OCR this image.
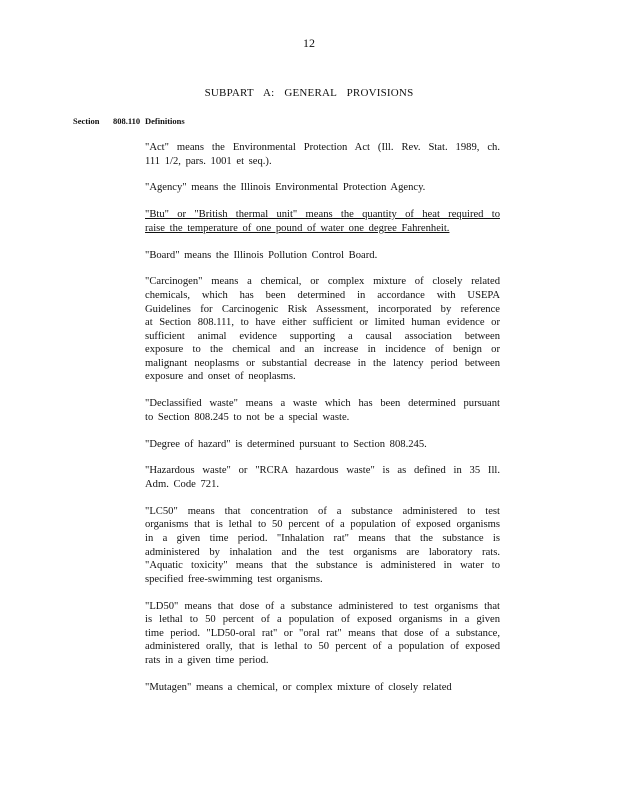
12
SUBPART A: GENERAL PROVISIONS
Section 808.110 Definitions
"Act" means the Environmental Protection Act (Ill. Rev. Stat. 1989, ch.
111 1/2, pars. 1001 et seq.).
"Agency" means the Illinois Environmental Protection Agency.
"Btu" or "British thermal unit" means the quantity of heat required to
raise the temperature of one pound of water one degree Fahrenheit.
"Board" means the Illinois Pollution Control Board.
"Carcinogen" means a chemical, or complex mixture of closely related
chemicals, which has been determined in accordance with USEPA
Guidelines for Carcinogenic Risk Assessment, incorporated by reference
at Section 808.111, to have either sufficient or limited human evidence or
sufficient animal evidence supporting a causal association between
exposure to the chemical and an increase in incidence of benign or
malignant neoplasms or substantial decrease in the latency period between
exposure and onset of neoplasms.
"Declassified waste" means a waste which has been determined pursuant
to Section 808.245 to not be a special waste.
"Degree of hazard" is determined pursuant to Section 808.245.
"Hazardous waste" or "RCRA hazardous waste" is as defined in 35 Ill.
Adm. Code 721.
"LC50" means that concentration of a substance administered to test
organisms that is lethal to 50 percent of a population of exposed organisms
in a given time period. "Inhalation rat" means that the substance is
administered by inhalation and the test organisms are laboratory rats.
"Aquatic toxicity" means that the substance is administered in water to
specified free-swimming test organisms.
"LD50" means that dose of a substance administered to test organisms that
is lethal to 50 percent of a population of exposed organisms in a given
time period. "LD50-oral rat" or "oral rat" means that dose of a substance,
administered orally, that is lethal to 50 percent of a population of exposed
rats in a given time period.
"Mutagen" means a chemical, or complex mixture of closely related
